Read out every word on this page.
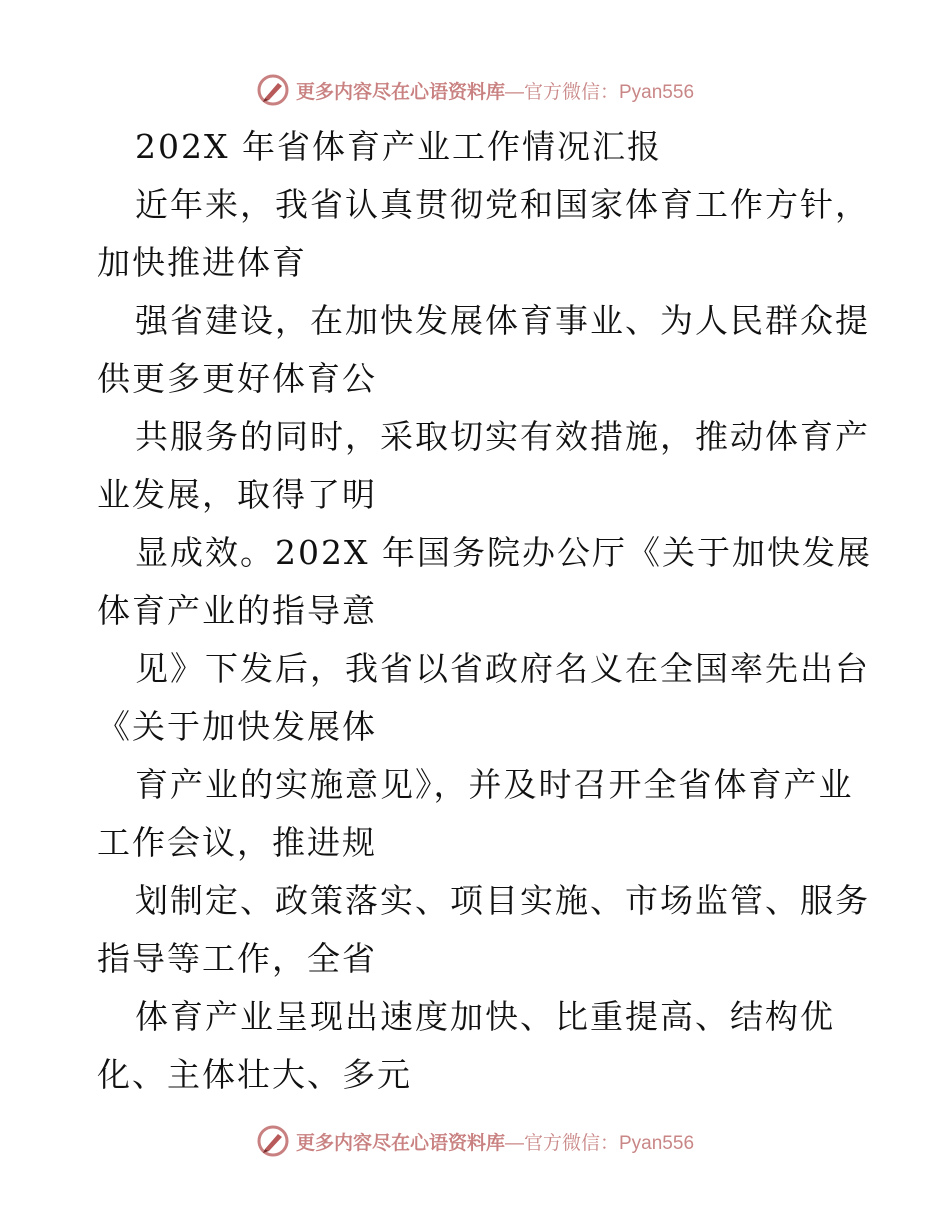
更多内容尽在心语资料库—官方微信：Pyan556
202X 年省体育产业工作情况汇报
近年来，我省认真贯彻党和国家体育工作方针，
加快推进体育
强省建设，在加快发展体育事业、为人民群众提
供更多更好体育公
共服务的同时，采取切实有效措施，推动体育产
业发展，取得了明
显成效。202X 年国务院办公厅《关于加快发展
体育产业的指导意
见》下发后，我省以省政府名义在全国率先出台
《关于加快发展体
育产业的实施意见》，并及时召开全省体育产业
工作会议，推进规
划制定、政策落实、项目实施、市场监管、服务
指导等工作，全省
体育产业呈现出速度加快、比重提高、结构优
化、主体壮大、多元
更多内容尽在心语资料库—官方微信：Pyan556
